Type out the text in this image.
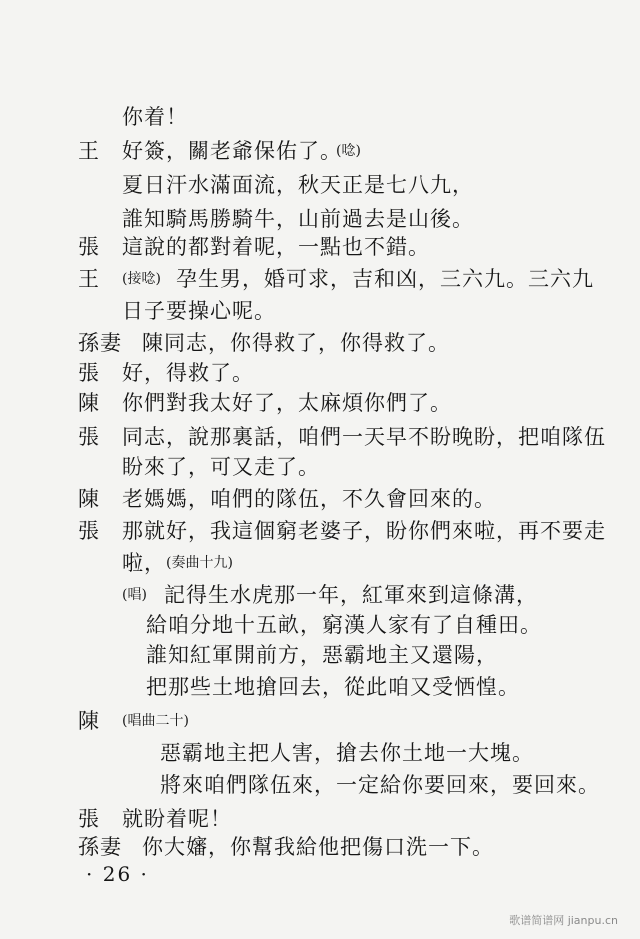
你着！
王 好簽，關老爺保佑了。
(唸)
夏日汗水滿面流，秋天正是七八九，
誰知騎馬勝騎牛，山前過去是山後。
張 這說的都對着呢，一點也不錯。
王 (接唸) 孕生男，婚可求，吉和凶，三六九。三六九
日子要操心呢。
孫妻 陳同志，你得救了，你得救了。
張 好，得救了。
陳 你們對我太好了，太麻煩你們了。
張 同志，說那裏話，咱們一天早不盼晚盼，把咱隊伍
盼來了，可又走了。
陳 老媽媽，咱們的隊伍，不久會回來的。
張 那就好，我這個窮老婆子，盼你們來啦，再不要走
啦， (奏曲十九)
(唱) 記得生水虎那一年，紅軍來到這條溝，
給咱分地十五畝，窮漢人家有了自種田。
誰知紅軍開前方，惡霸地主又還陽，
把那些土地搶回去，從此咱又受恓惶。
陳 (唱曲二十)
惡霸地主把人害，搶去你土地一大塊。
將來咱們隊伍來，一定給你要回來，要回來。
張 就盼着呢！
孫妻 你大嬸，你幫我給他把傷口洗一下。
· 26 ·
歌谱简谱网 jianpu.cn
